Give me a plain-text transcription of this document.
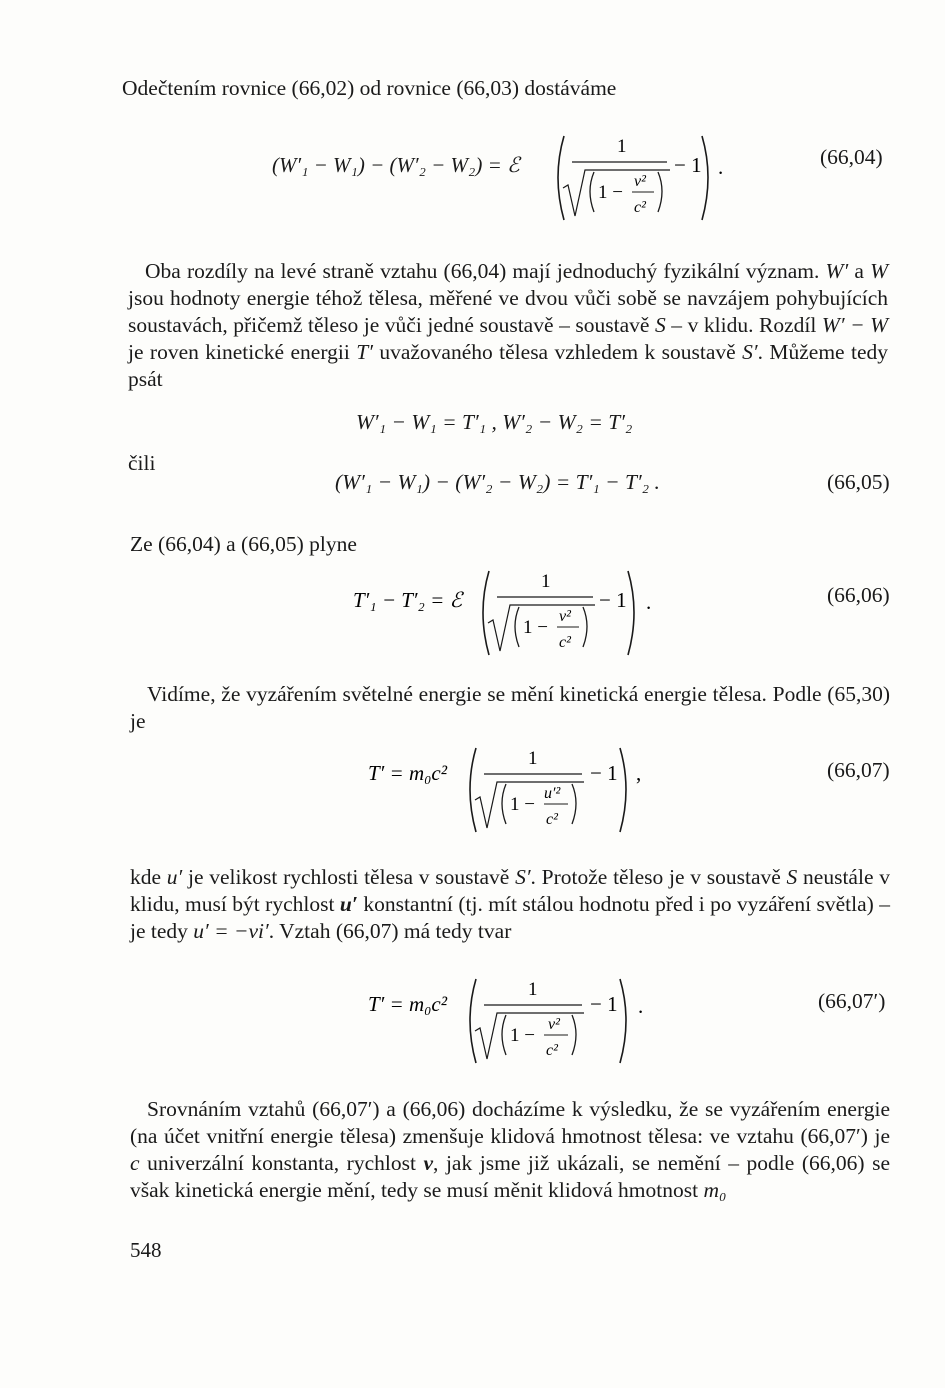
Odečtením rovnice (66,02) od rovnice (66,03) dostáváme
(W′₁ − W₁) − (W′₂ − W₂) = ℰ
1
1 −
v²
c²
− 1 .	(66,04)
Oba rozdíly na levé straně vztahu (66,04) mají jednoduchý fyzikální význam. W′ a W jsou hodnoty energie téhož tělesa, měřené ve dvou vůči sobě se navzájem pohybujících soustavách, přičemž těleso je vůči jedné soustavě – soustavě S – v klidu. Rozdíl W′ − W je roven kinetické energii T′ uvažovaného tělesa vzhledem k soustavě S′. Můžeme tedy psát
W′₁ − W₁ = T′₁ , W′₂ − W₂ = T′₂
čili
(W′₁ − W₁) − (W′₂ − W₂) = T′₁ − T′₂ .	(66,05)
Ze (66,04) a (66,05) plyne
T′₁ − T′₂ = ℰ
1
1 −
v²
c²
− 1 .	(66,06)
Vidíme, že vyzářením světelné energie se mění kinetická energie tělesa. Podle (65,30) je
T′ = m₀c²
1
1 −
u′²
c²
− 1 ,	(66,07)
kde u′ je velikost rychlosti tělesa v soustavě S′. Protože těleso je v soustavě S neustále v klidu, musí být rychlost u′ konstantní (tj. mít stálou hodnotu před i po vyzáření světla) – je tedy u′ = −vi′. Vztah (66,07) má tedy tvar
T′ = m₀c²
1
1 −
v²
c²
− 1 .	(66,07′)
Srovnáním vztahů (66,07′) a (66,06) docházíme k výsledku, že se vyzářením energie (na účet vnitřní energie tělesa) zmenšuje klidová hmotnost tělesa: ve vztahu (66,07′) je c univerzální konstanta, rychlost v, jak jsme již ukázali, se nemění – podle (66,06) se však kinetická energie mění, tedy se musí měnit klidová hmotnost m₀
548
